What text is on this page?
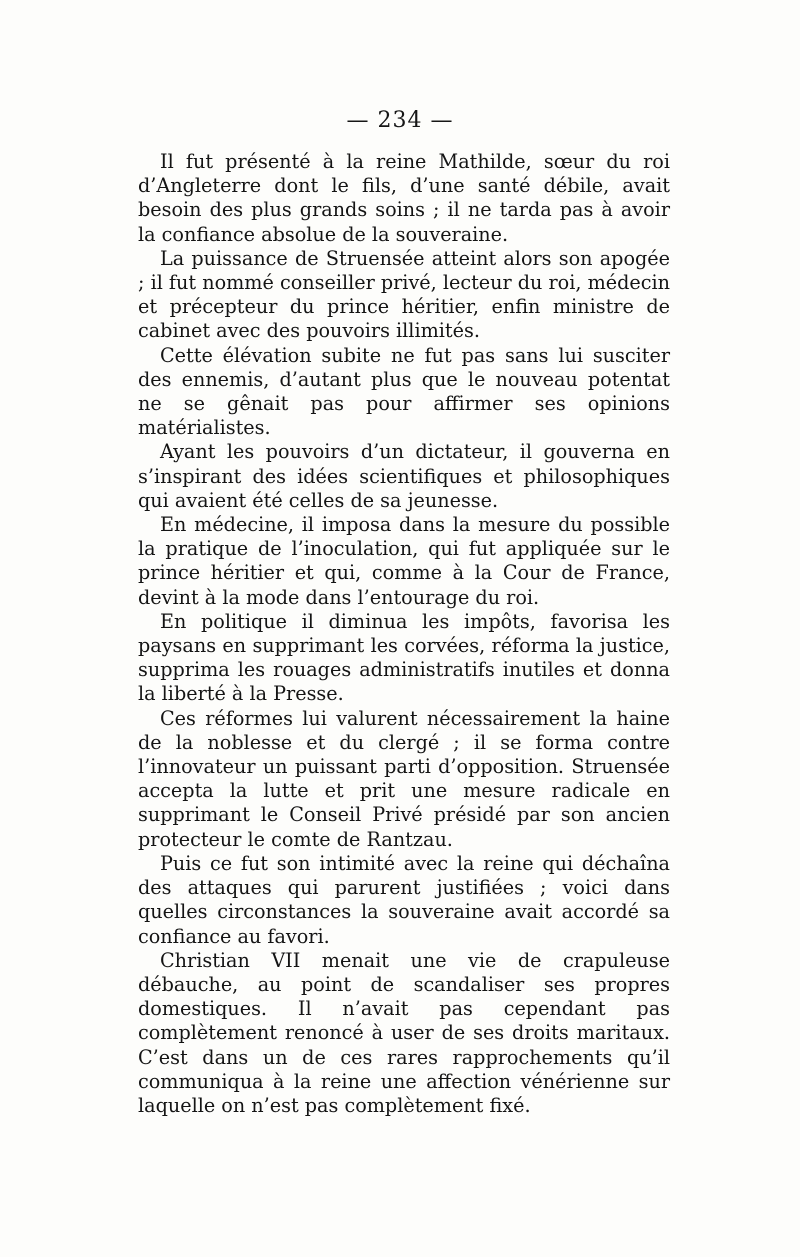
— 234 —

Il fut présenté à la reine Mathilde, sœur du roi d’Angleterre dont le fils, d’une santé débile, avait besoin des plus grands soins ; il ne tarda pas à avoir la confiance absolue de la souveraine.

La puissance de Struensée atteint alors son apogée ; il fut nommé conseiller privé, lecteur du roi, médecin et précepteur du prince héritier, enfin ministre de cabinet avec des pouvoirs illimités.

Cette élévation subite ne fut pas sans lui susciter des ennemis, d’autant plus que le nouveau potentat ne se gênait pas pour affirmer ses opinions matérialistes.

Ayant les pouvoirs d’un dictateur, il gouverna en s’inspirant des idées scientifiques et philosophiques qui avaient été celles de sa jeunesse.

En médecine, il imposa dans la mesure du possible la pratique de l’inoculation, qui fut appliquée sur le prince héritier et qui, comme à la Cour de France, devint à la mode dans l’entourage du roi.

En politique il diminua les impôts, favorisa les paysans en supprimant les corvées, réforma la justice, supprima les rouages administratifs inutiles et donna la liberté à la Presse.

Ces réformes lui valurent nécessairement la haine de la noblesse et du clergé ; il se forma contre l’innovateur un puissant parti d’opposition. Struensée accepta la lutte et prit une mesure radicale en supprimant le Conseil Privé présidé par son ancien protecteur le comte de Rantzau.

Puis ce fut son intimité avec la reine qui déchaîna des attaques qui parurent justifiées ; voici dans quelles circonstances la souveraine avait accordé sa confiance au favori.

Christian VII menait une vie de crapuleuse débauche, au point de scandaliser ses propres domestiques. Il n’avait pas cependant pas complètement renoncé à user de ses droits maritaux. C’est dans un de ces rares rapprochements qu’il communiqua à la reine une affection vénérienne sur laquelle on n’est pas complètement fixé.
